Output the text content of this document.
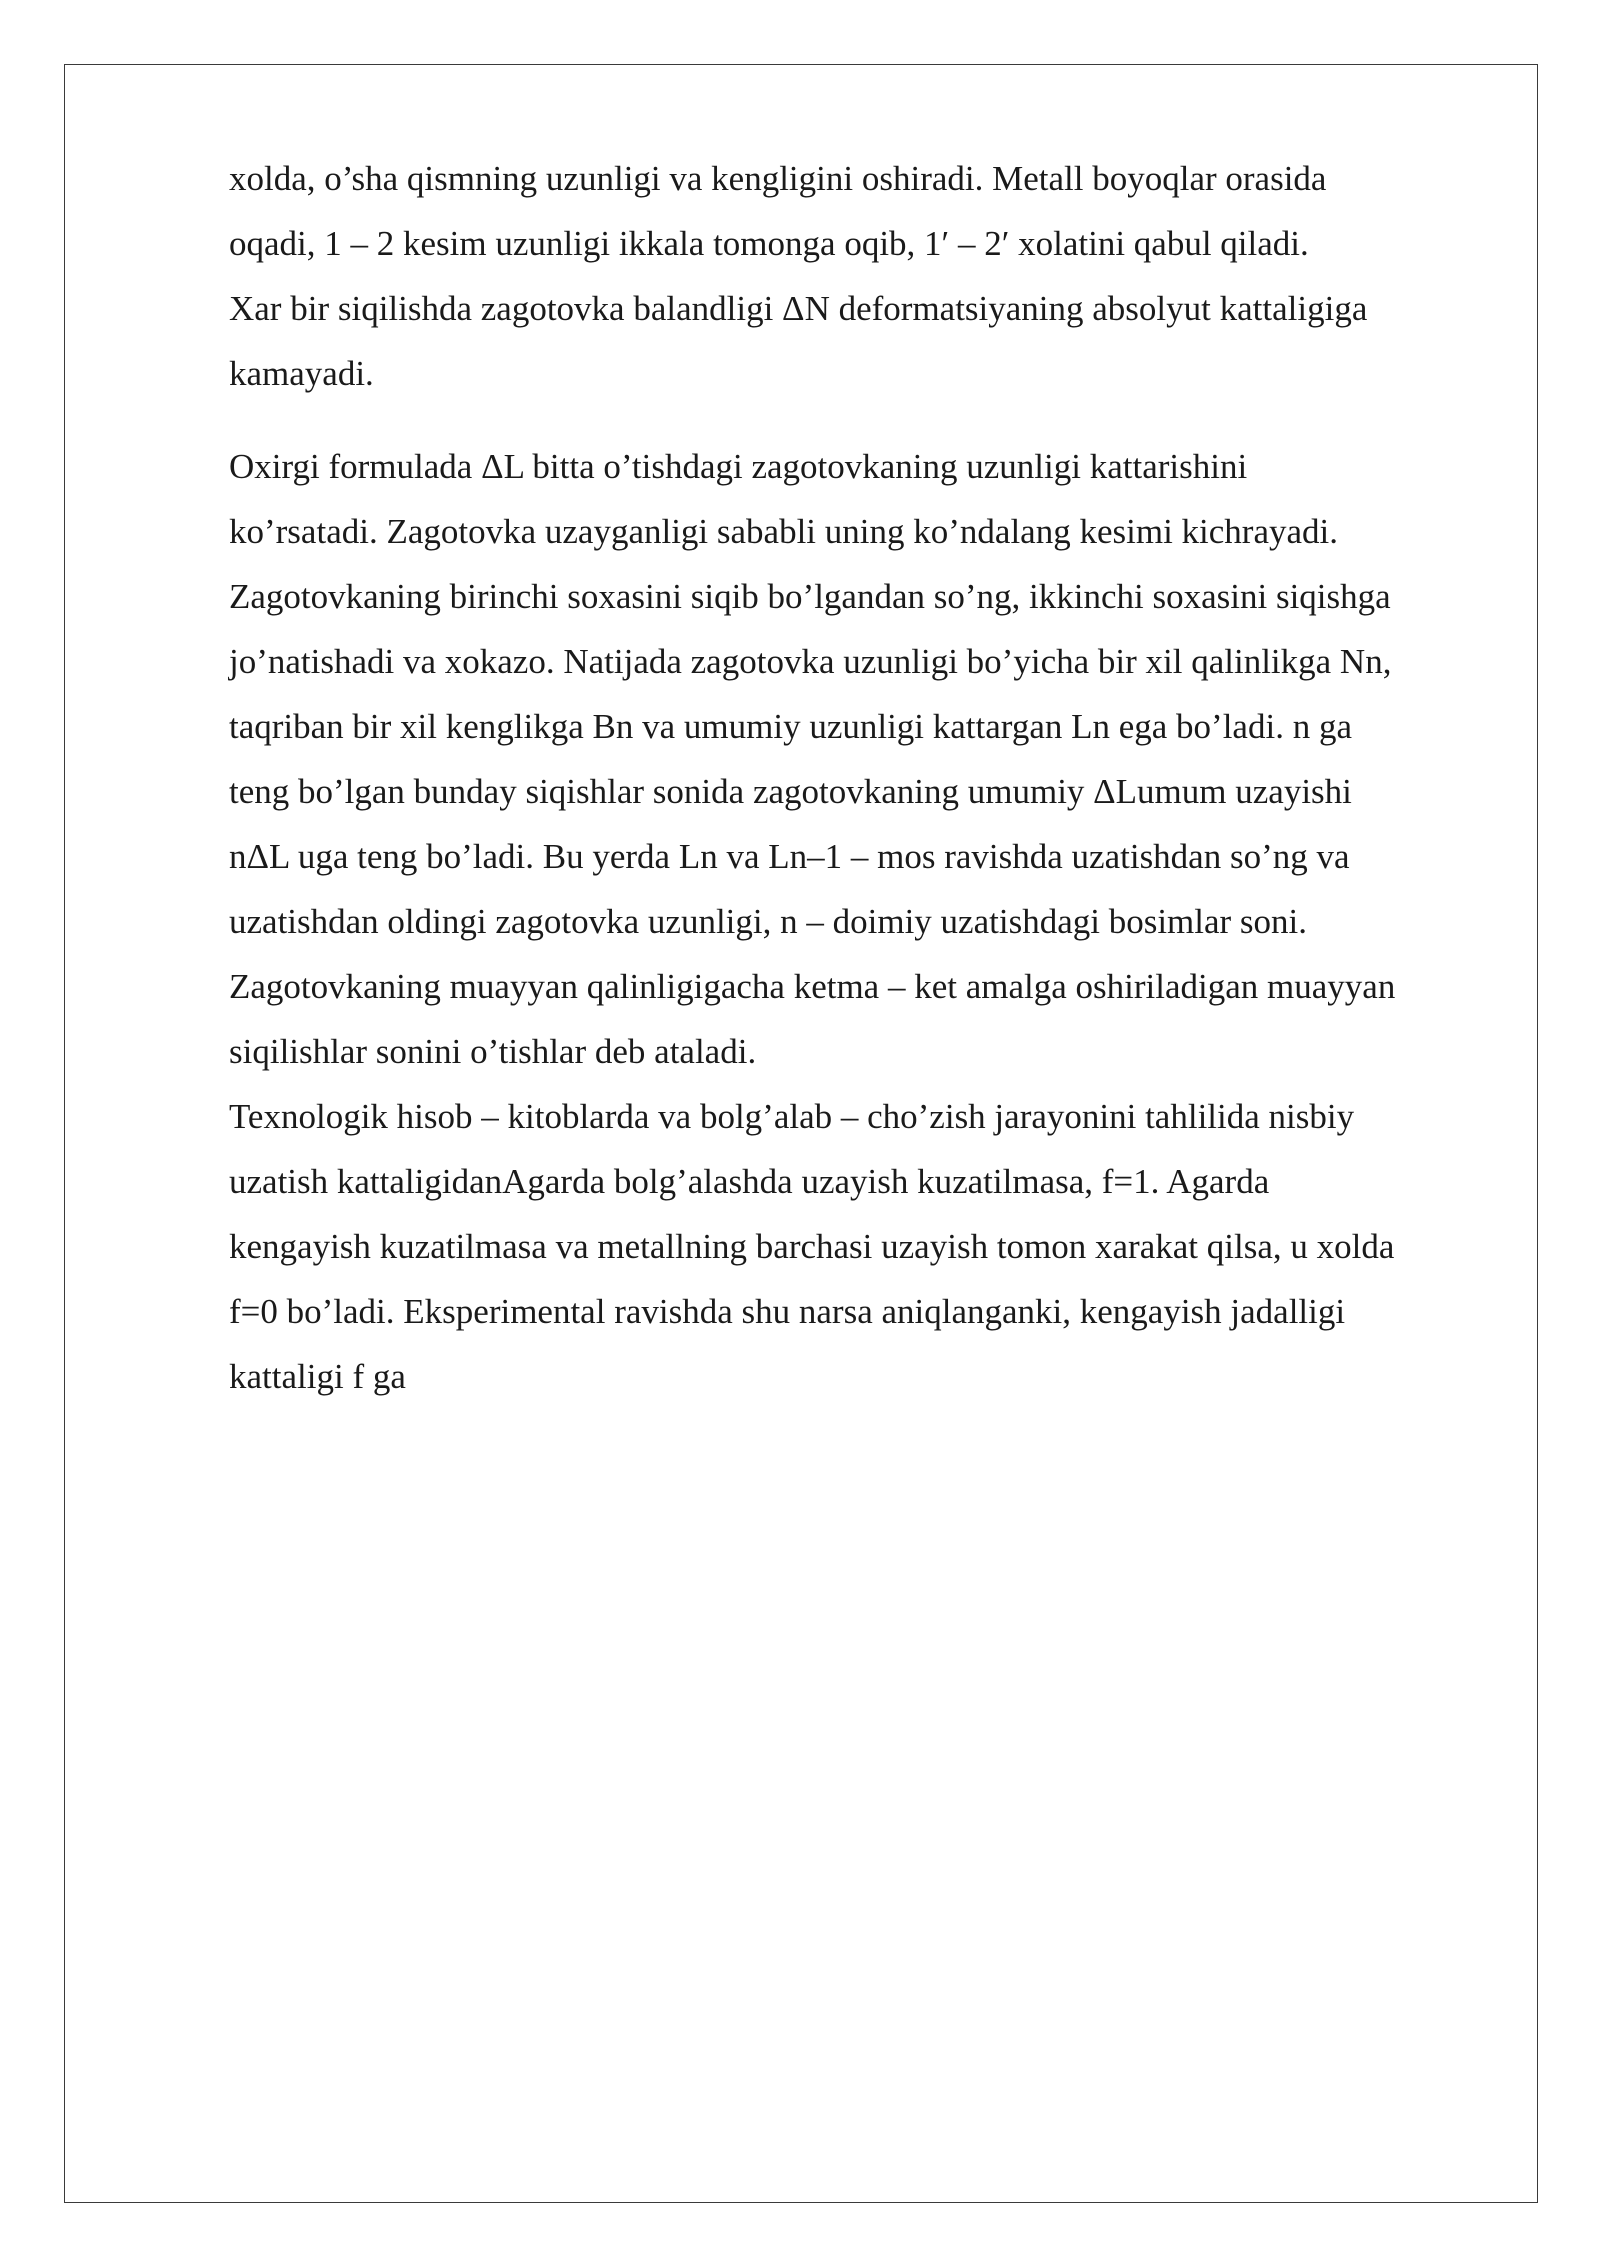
xolda, o’sha qismning uzunligi va kengligini oshiradi. Metall boyoqlar orasida
oqadi, 1 – 2 kesim uzunligi ikkala tomonga oqib, 1′ – 2′ xolatini qabul qiladi.
Xar bir siqilishda zagotovka balandligi ΔN deformatsiyaning absolyut kattaligiga
kamayadi.
Oxirgi formulada ΔL bitta o’tishdagi zagotovkaning uzunligi kattarishini
ko’rsatadi. Zagotovka uzayganligi sababli uning ko’ndalang kesimi kichrayadi.
Zagotovkaning birinchi soxasini siqib bo’lgandan so’ng, ikkinchi soxasini siqishga
jo’natishadi va xokazo. Natijada zagotovka uzunligi bo’yicha bir xil qalinlikga Nn,
taqriban bir xil kenglikga Bn va umumiy uzunligi kattargan Ln ega bo’ladi. n ga
teng bo’lgan bunday siqishlar sonida zagotovkaning umumiy ΔLumum uzayishi
nΔL uga teng bo’ladi. Bu yerda Ln va Ln–1 – mos ravishda uzatishdan so’ng va
uzatishdan oldingi zagotovka uzunligi, n – doimiy uzatishdagi bosimlar soni.
Zagotovkaning muayyan qalinligigacha ketma – ket amalga oshiriladigan muayyan
siqilishlar sonini o’tishlar deb ataladi.
Texnologik hisob – kitoblarda va bolg’alab – cho’zish jarayonini tahlilida nisbiy
uzatish kattaligidanAgarda bolg’alashda uzayish kuzatilmasa, f=1. Agarda
kengayish kuzatilmasa va metallning barchasi uzayish tomon xarakat qilsa, u xolda
f=0 bo’ladi. Eksperimental ravishda shu narsa aniqlanganki, kengayish jadalligi
kattaligi f ga
